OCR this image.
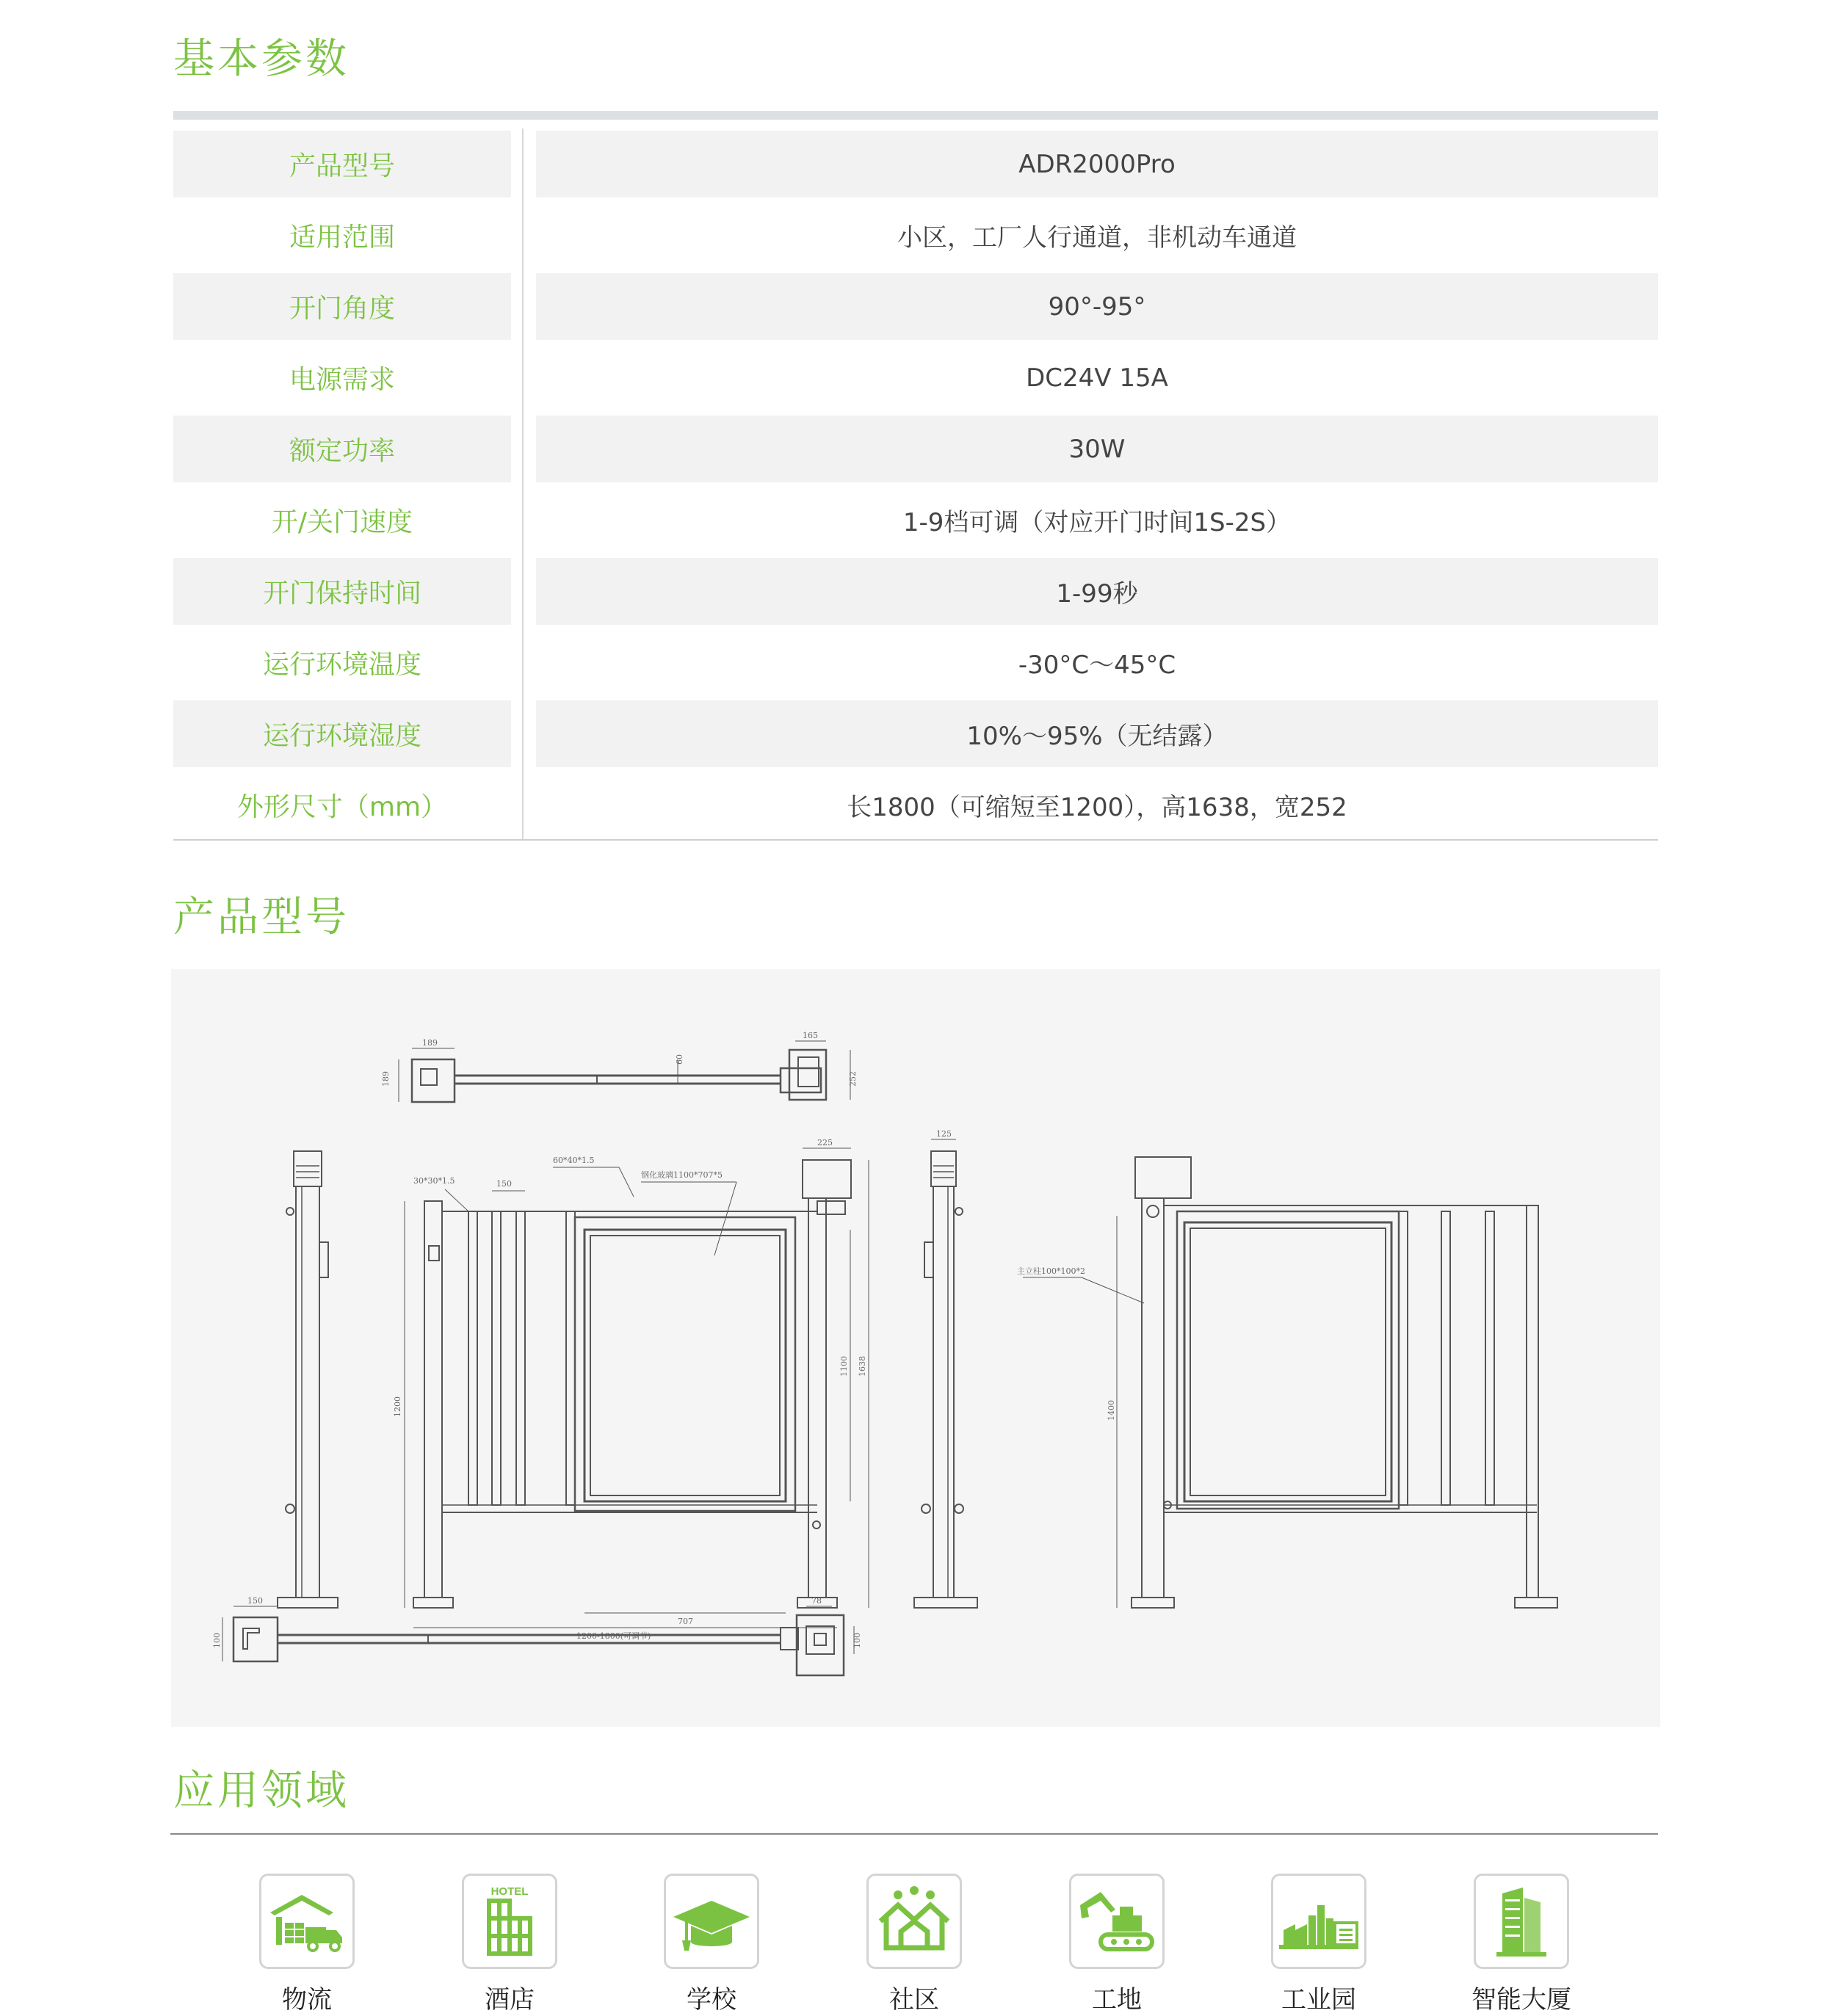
基本参数
产品型号	ADR2000Pro
适用范围	小区，工厂人行通道，非机动车通道
开门角度	90°-95°
电源需求	DC24V 15A
额定功率	30W
开/关门速度	1-9档可调（对应开门时间1S-2S）
开门保持时间	1-99秒
运行环境温度	-30°C～45°C
运行环境湿度	10%～95%（无结露）
外形尺寸（mm）	长1800（可缩短至1200），高1638，宽252
产品型号
189
189
60
165
252
30*30*1.5	150
60*40*1.5
钢化玻璃1100*707*5
225
1200
1100 1638
707
1200-1800(可调节)
125
1400
主立柱100*100*2
150
100
78
100
应用领域
物流
HOTEL
酒店	学校	社区	工地	工业园	智能大厦
